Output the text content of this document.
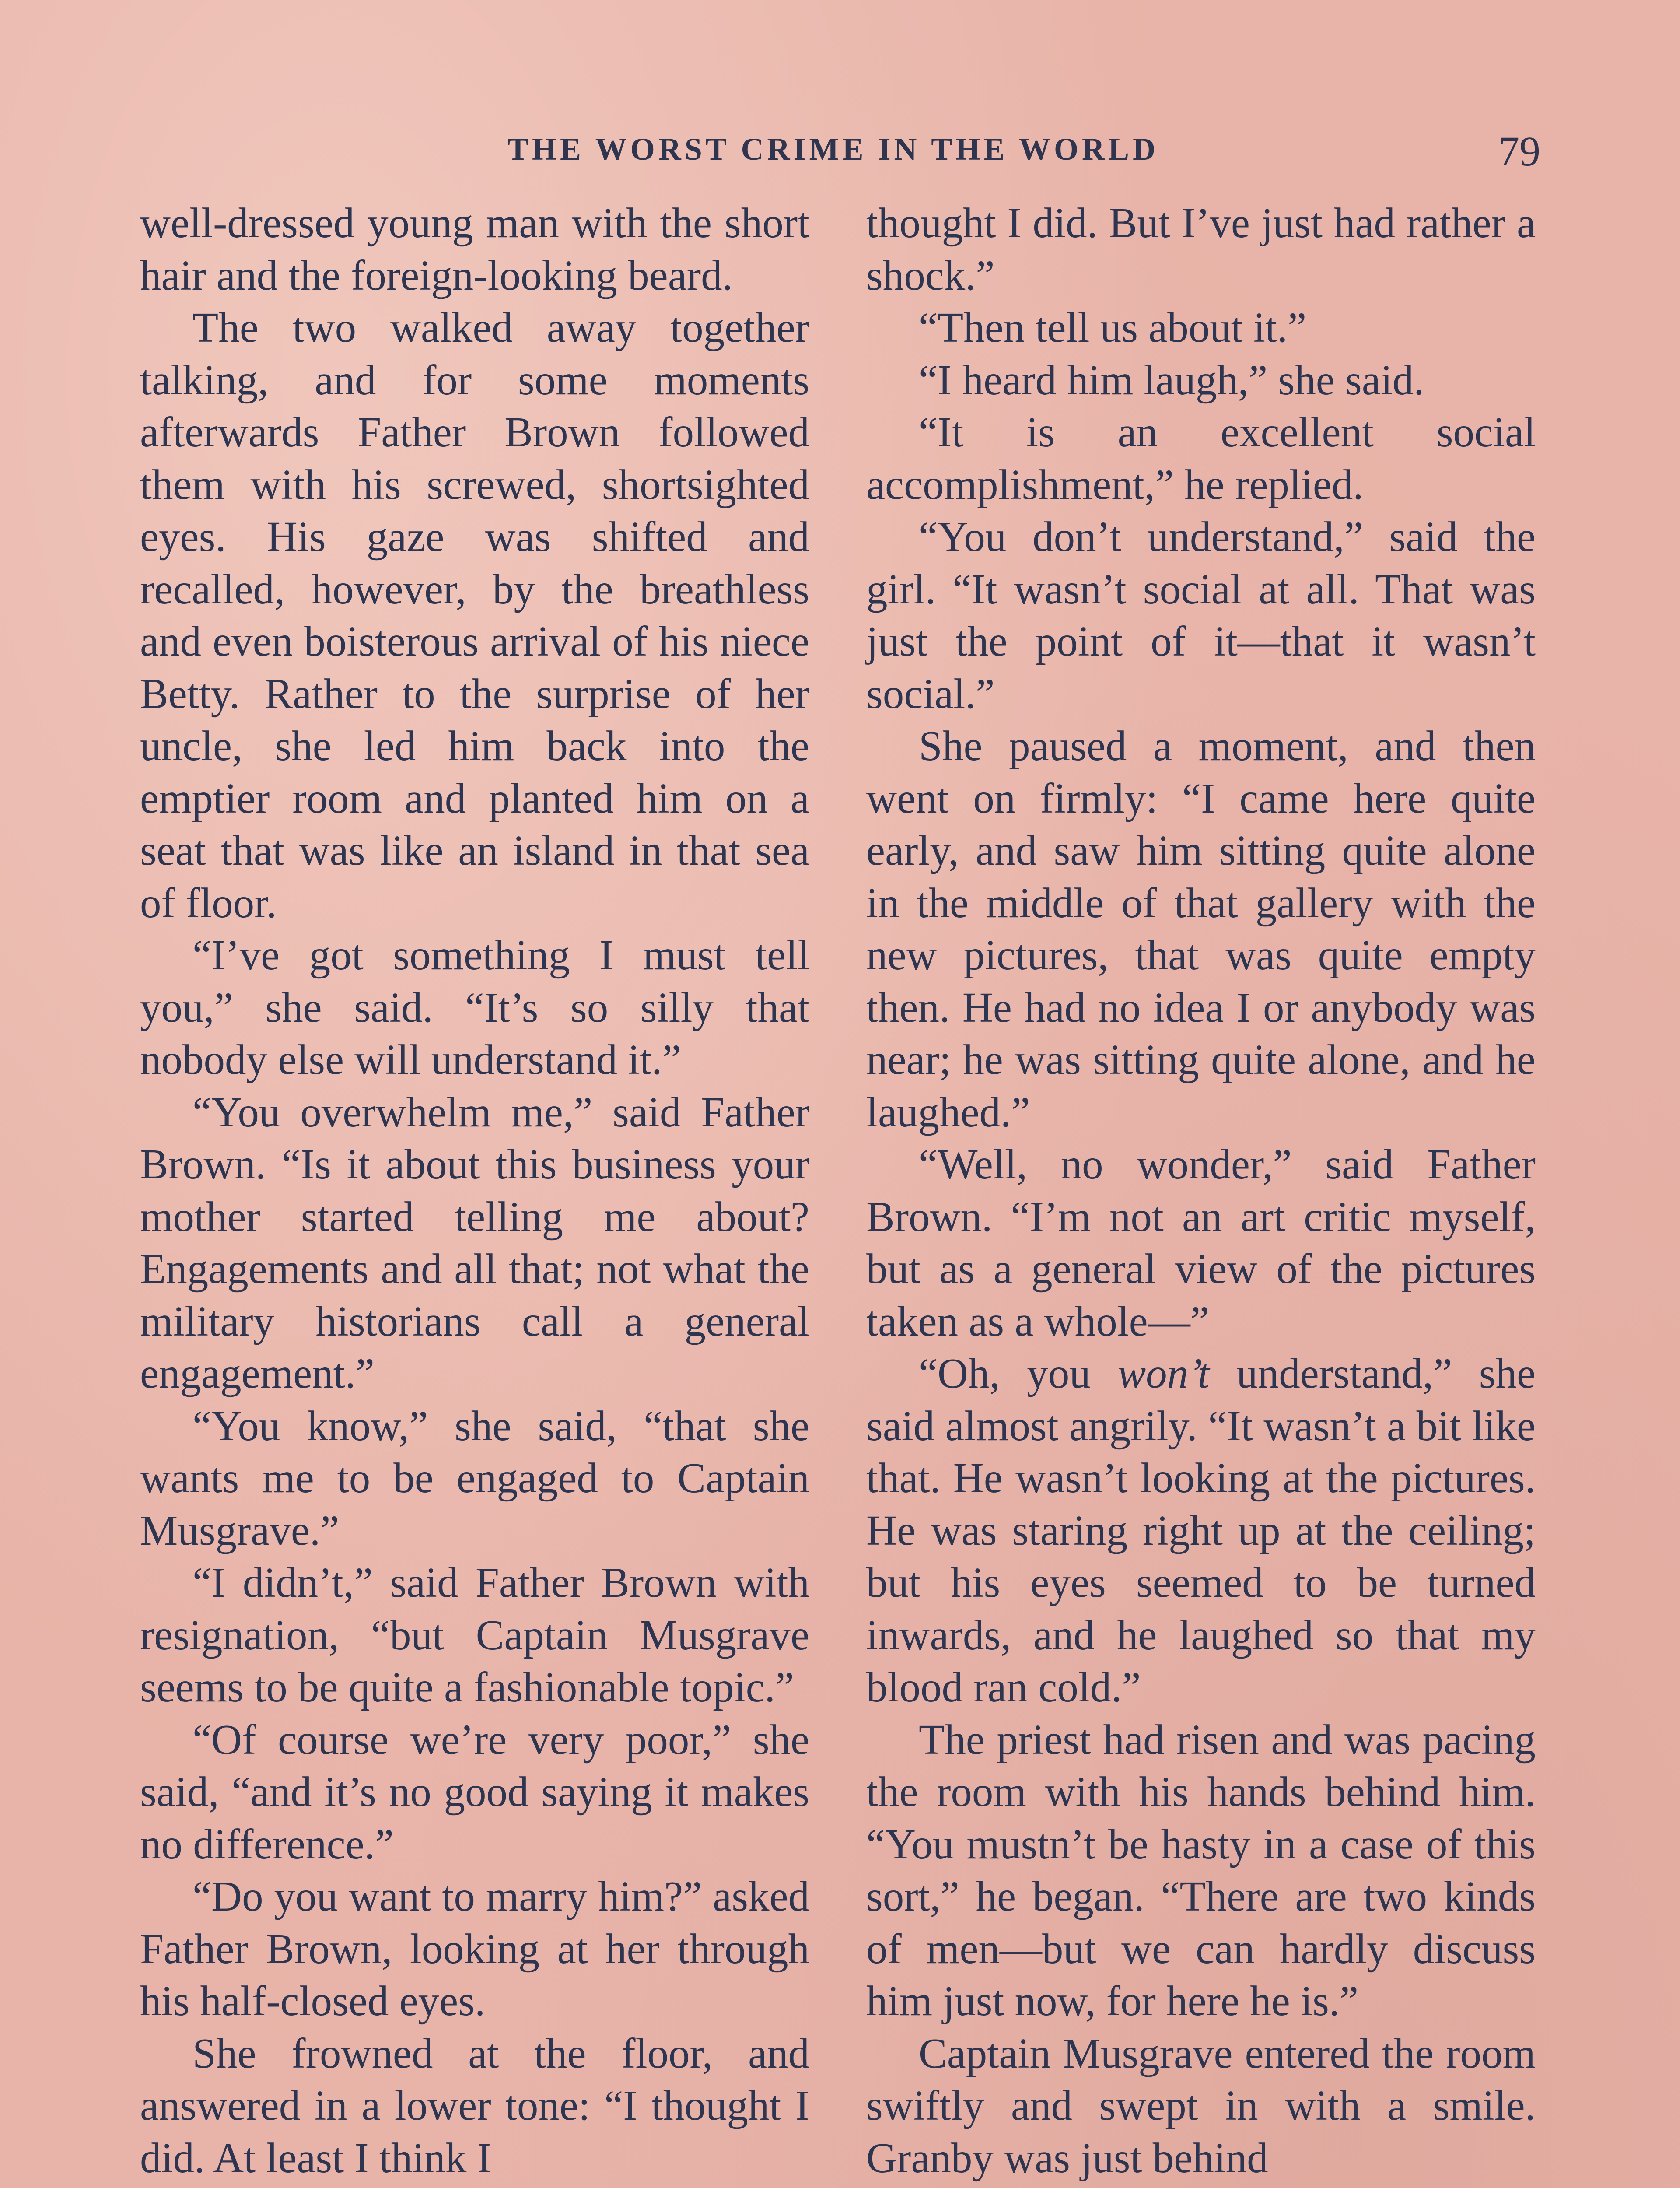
THE WORST CRIME IN THE WORLD	79

well-dressed young man with the short hair and the foreign-looking beard.

The two walked away together talking, and for some moments afterwards Father Brown followed them with his screwed, shortsighted eyes. His gaze was shifted and recalled, however, by the breathless and even boisterous arrival of his niece Betty. Rather to the surprise of her uncle, she led him back into the emptier room and planted him on a seat that was like an island in that sea of floor.

“I’ve got something I must tell you,” she said. “It’s so silly that nobody else will understand it.”

“You overwhelm me,” said Father Brown. “Is it about this business your mother started telling me about? Engagements and all that; not what the military historians call a general engagement.”

“You know,” she said, “that she wants me to be engaged to Captain Musgrave.”

“I didn’t,” said Father Brown with resignation, “but Captain Musgrave seems to be quite a fashionable topic.”

“Of course we’re very poor,” she said, “and it’s no good saying it makes no difference.”

“Do you want to marry him?” asked Father Brown, looking at her through his half-closed eyes.

She frowned at the floor, and answered in a lower tone: “I thought I did. At least I think I

thought I did. But I’ve just had rather a shock.”

“Then tell us about it.”

“I heard him laugh,” she said.

“It is an excellent social accomplishment,” he replied.

“You don’t understand,” said the girl. “It wasn’t social at all. That was just the point of it—that it wasn’t social.”

She paused a moment, and then went on firmly: “I came here quite early, and saw him sitting quite alone in the middle of that gallery with the new pictures, that was quite empty then. He had no idea I or anybody was near; he was sitting quite alone, and he laughed.”

“Well, no wonder,” said Father Brown. “I’m not an art critic myself, but as a general view of the pictures taken as a whole—”

“Oh, you won’t understand,” she said almost angrily. “It wasn’t a bit like that. He wasn’t looking at the pictures. He was staring right up at the ceiling; but his eyes seemed to be turned inwards, and he laughed so that my blood ran cold.”

The priest had risen and was pacing the room with his hands behind him. “You mustn’t be hasty in a case of this sort,” he began. “There are two kinds of men—but we can hardly discuss him just now, for here he is.”

Captain Musgrave entered the room swiftly and swept in with a smile. Granby was just behind
